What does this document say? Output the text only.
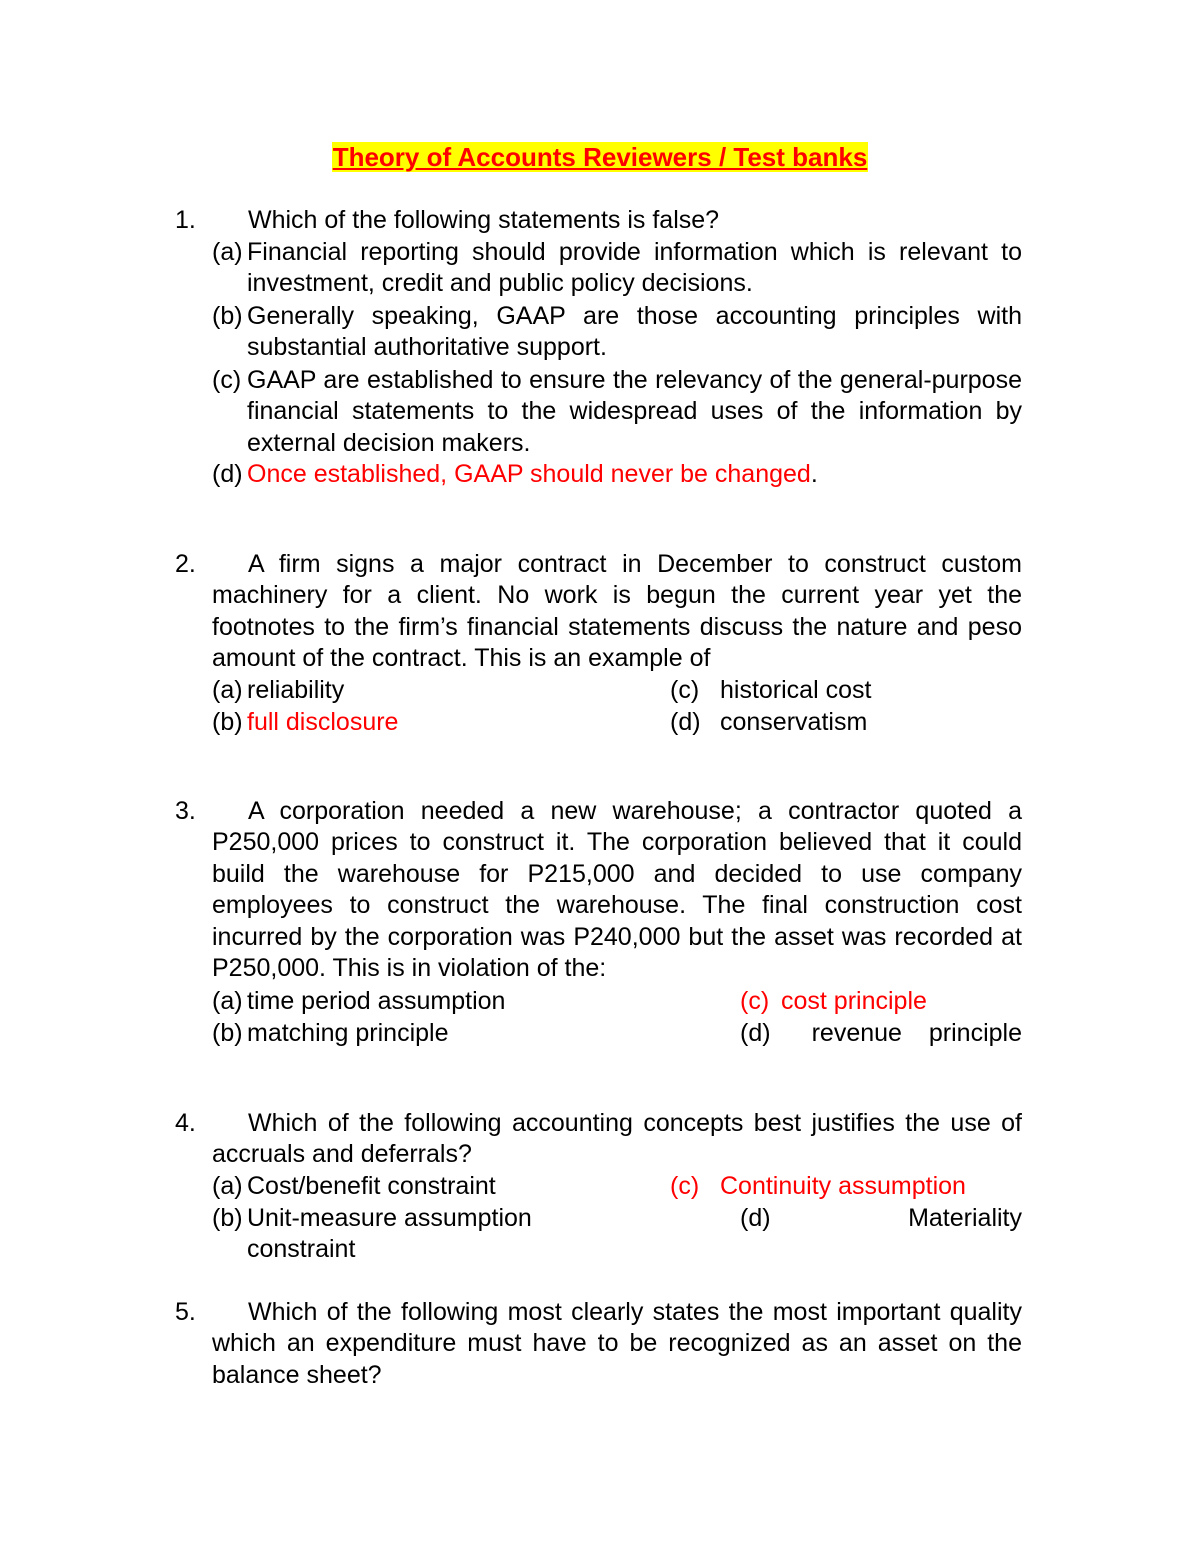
Theory of Accounts Reviewers / Test banks
1. Which of the following statements is false?
(a) Financial reporting should provide information which is relevant to investment, credit and public policy decisions.
(b) Generally speaking, GAAP are those accounting principles with substantial authoritative support.
(c) GAAP are established to ensure the relevancy of the general-purpose financial statements to the widespread uses of the information by external decision makers.
(d) Once established, GAAP should never be changed.
2.	A firm signs a major contract in December to construct custom machinery for a client. No work is begun the current year yet the footnotes to the firm’s financial statements discuss the nature and peso amount of the contract. This is an example of
(a) reliability
(b) full disclosure
(c) historical cost
(d) conservatism
3.	A corporation needed a new warehouse; a contractor quoted a P250,000 prices to construct it. The corporation believed that it could build the warehouse for P215,000 and decided to use company employees to construct the warehouse. The final construction cost incurred by the corporation was P240,000 but the asset was recorded at P250,000. This is in violation of the:
(a) time period assumption
(b) matching principle
(c) cost principle
(d)	revenue principle
4.	Which of the following accounting concepts best justifies the use of accruals and deferrals?
(a) Cost/benefit constraint
(b) Unit-measure assumption
(c) Continuity assumption
(d)	Materiality
constraint
5.	Which of the following most clearly states the most important quality which an expenditure must have to be recognized as an asset on the balance sheet?
